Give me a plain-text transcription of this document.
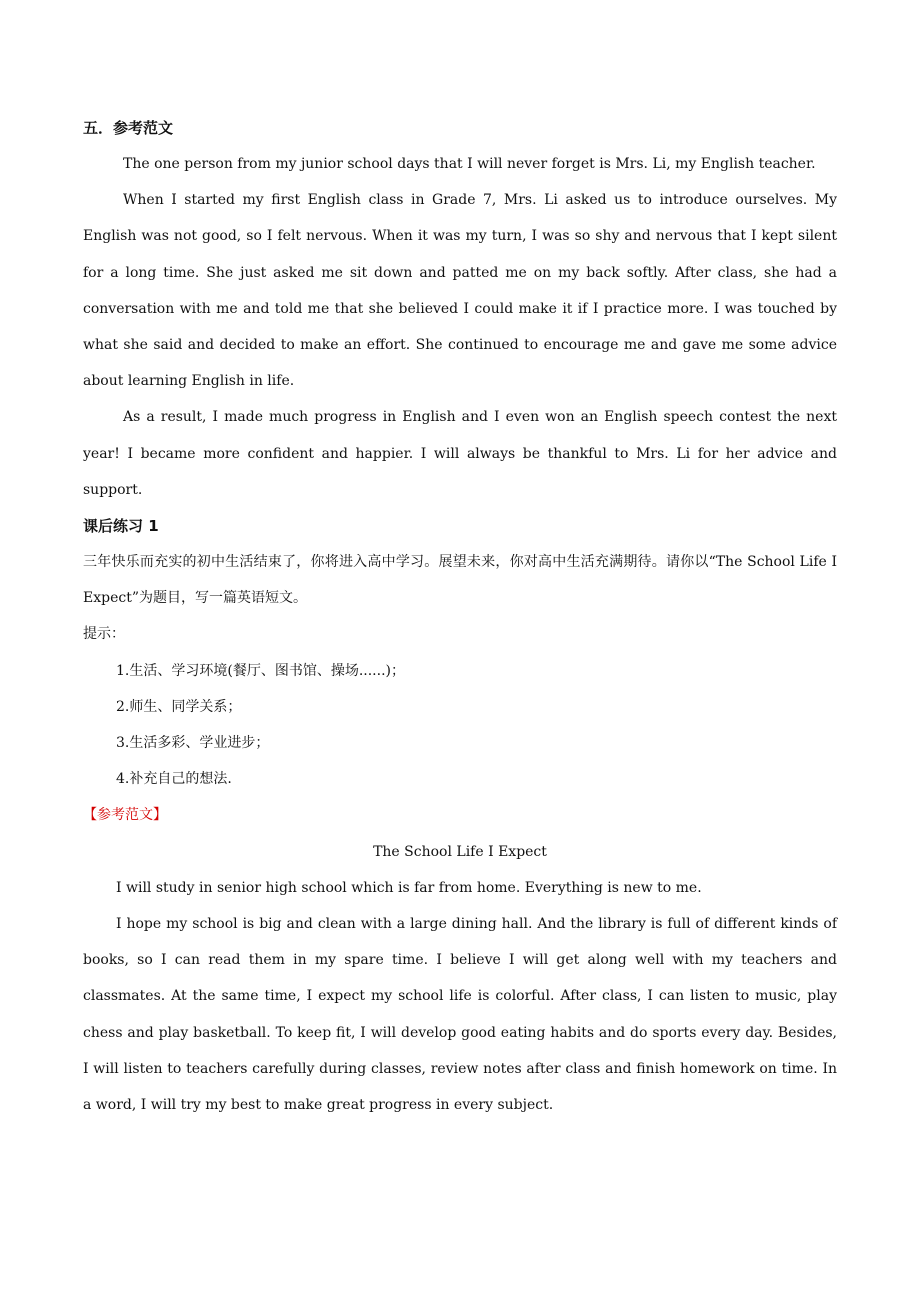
五．参考范文

The one person from my junior school days that I will never forget is Mrs. Li, my English teacher.

When I started my first English class in Grade 7, Mrs. Li asked us to introduce ourselves. My English was not good, so I felt nervous. When it was my turn, I was so shy and nervous that I kept silent for a long time. She just asked me sit down and patted me on my back softly. After class, she had a conversation with me and told me that she believed I could make it if I practice more. I was touched by what she said and decided to make an effort. She continued to encourage me and gave me some advice about learning English in life.

As a result, I made much progress in English and I even won an English speech contest the next year! I became more confident and happier. I will always be thankful to Mrs. Li for her advice and support.

课后练习 1

三年快乐而充实的初中生活结束了，你将进入高中学习。展望未来，你对高中生活充满期待。请你以“The School Life I Expect”为题目，写一篇英语短文。

提示：

1.生活、学习环境(餐厅、图书馆、操场......)；

2.师生、同学关系；

3.生活多彩、学业进步；

4.补充自己的想法.

【参考范文】

The School Life I Expect

I will study in senior high school which is far from home. Everything is new to me.

I hope my school is big and clean with a large dining hall. And the library is full of different kinds of books, so I can read them in my spare time. I believe I will get along well with my teachers and classmates. At the same time, I expect my school life is colorful. After class, I can listen to music, play chess and play basketball. To keep fit, I will develop good eating habits and do sports every day. Besides, I will listen to teachers carefully during classes, review notes after class and finish homework on time. In a word, I will try my best to make great progress in every subject.
